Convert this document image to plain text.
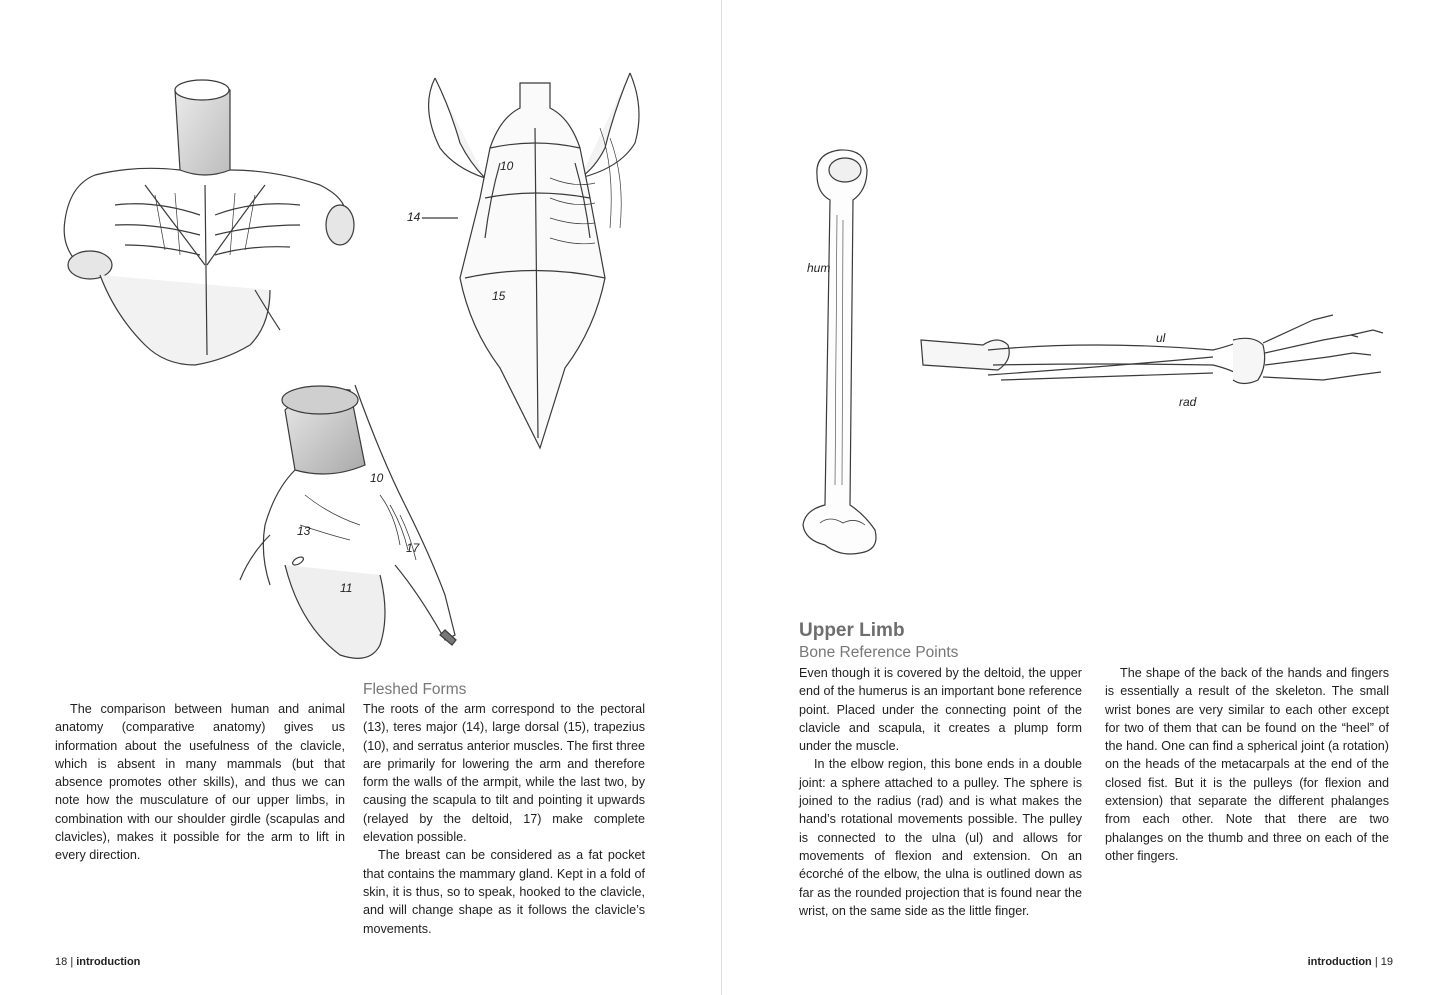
10
14
15
10
13
17
11

The comparison between human and animal anatomy (comparative anatomy) gives us information about the usefulness of the clavicle, which is absent in many mammals (but that absence promotes other skills), and thus we can note how the musculature of our upper limbs, in combination with our shoulder girdle (scapulas and clavicles), makes it possible for the arm to lift in every direction.

Fleshed Forms

The roots of the arm correspond to the pectoral (13), teres major (14), large dorsal (15), trapezius (10), and serratus anterior muscles. The first three are primarily for lowering the arm and therefore form the walls of the armpit, while the last two, by causing the scapula to tilt and pointing it upwards (relayed by the deltoid, 17) make complete elevation possible.

The breast can be considered as a fat pocket that contains the mammary gland. Kept in a fold of skin, it is thus, so to speak, hooked to the clavicle, and will change shape as it follows the clavicle’s movements.

18 | introduction
hum
ul
rad
Upper Limb
Bone Reference Points

Even though it is covered by the deltoid, the upper end of the humerus is an important bone reference point. Placed under the connecting point of the clavicle and scapula, it creates a plump form under the muscle.

In the elbow region, this bone ends in a double joint: a sphere attached to a pulley. The sphere is joined to the radius (rad) and is what makes the hand’s rotational movements possible. The pulley is connected to the ulna (ul) and allows for movements of flexion and extension. On an écorché of the elbow, the ulna is outlined down as far as the rounded projection that is found near the wrist, on the same side as the little finger.

The shape of the back of the hands and fingers is essentially a result of the skeleton. The small wrist bones are very similar to each other except for two of them that can be found on the “heel” of the hand. One can find a spherical joint (a rotation) on the heads of the metacarpals at the end of the closed fist. But it is the pulleys (for flexion and extension) that separate the different phalanges from each other. Note that there are two phalanges on the thumb and three on each of the other fingers.

introduction | 19
